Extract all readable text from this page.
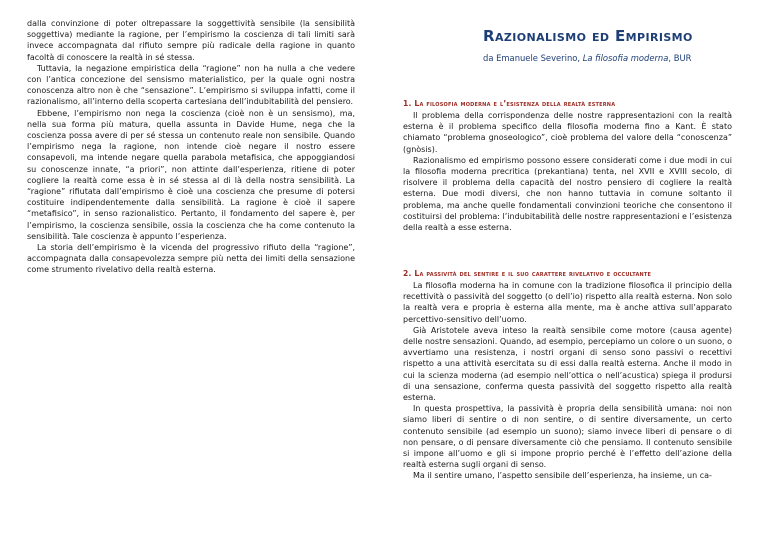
dalla convinzione di poter oltrepassare la soggettività sensibile (la sensibilità soggettiva) mediante la ragione, per l’empirismo la coscienza di tali limiti sarà invece accompagnata dal rifiuto sempre più radicale della ragione in quanto facoltà di conoscere la realtà in sé stessa.

Tuttavia, la negazione empiristica della “ragione” non ha nulla a che vedere con l’antica concezione del sensismo materialistico, per la quale ogni nostra conoscenza altro non è che “sensazione”. L’empirismo si sviluppa infatti, come il razionalismo, all’interno della scoperta cartesiana dell’indubitabilità del pensiero.

Ebbene, l’empirismo non nega la coscienza (cioè non è un sensismo), ma, nella sua forma più matura, quella assunta in Davide Hume, nega che la coscienza possa avere di per sé stessa un contenuto reale non sensibile. Quando l’empirismo nega la ragione, non intende cioè negare il nostro essere consapevoli, ma intende negare quella parabola metafisica, che appoggiandosi su conoscenze innate, “a priori”, non attinte dall’esperienza, ritiene di poter cogliere la realtà come essa è in sé stessa al di là della nostra sensibilità. La “ragione” rifiutata dall’empirismo è cioè una coscienza che presume di potersi costituire indipendentemente dalla sensibilità. La ragione è cioè il sapere “metafisico”, in senso razionalistico. Pertanto, il fondamento del sapere è, per l’empirismo, la coscienza sensibile, ossia la coscienza che ha come contenuto la sensibilità. Tale coscienza è appunto l’esperienza.

La storia dell’empirismo è la vicenda del progressivo rifiuto della “ragione”, accompagnata dalla consapevolezza sempre più netta dei limiti della sensazione come strumento rivelativo della realtà esterna.

Razionalismo ed Empirismo
da Emanuele Severino, La filosofia moderna, BUR
1. La filosofia moderna e l’esistenza della realtà esterna

Il problema della corrispondenza delle nostre rappresentazioni con la realtà esterna è il problema specifico della filosofia moderna fino a Kant. È stato chiamato “problema gnoseologico”, cioè problema del valore della “conoscenza” (gnòsis).

Razionalismo ed empirismo possono essere considerati come i due modi in cui la filosofia moderna precritica (prekantiana) tenta, nel XVII e XVIII secolo, di risolvere il problema della capacità del nostro pensiero di cogliere la realtà esterna. Due modi diversi, che non hanno tuttavia in comune soltanto il problema, ma anche quelle fondamentali convinzioni teoriche che consentono il costituirsi del problema: l’indubitabilità delle nostre rappresentazioni e l’esistenza della realtà a esse esterna.

2. La passività del sentire e il suo carattere rivelativo e occultante

La filosofia moderna ha in comune con la tradizione filosofica il principio della recettività o passività del soggetto (o dell’io) rispetto alla realtà esterna. Non solo la realtà vera e propria è esterna alla mente, ma è anche attiva sull’apparato percettivo-sensitivo dell’uomo.

Già Aristotele aveva inteso la realtà sensibile come motore (causa agente) delle nostre sensazioni. Quando, ad esempio, percepiamo un colore o un suono, o avvertiamo una resistenza, i nostri organi di senso sono passivi o recettivi rispetto a una attività esercitata su di essi dalla realtà esterna. Anche il modo in cui la scienza moderna (ad esempio nell’ottica o nell’acustica) spiega il prodursi di una sensazione, conferma questa passività del soggetto rispetto alla realtà esterna.

In questa prospettiva, la passività è propria della sensibilità umana: noi non siamo liberi di sentire o di non sentire, o di sentire diversamente, un certo contenuto sensibile (ad esempio un suono); siamo invece liberi di pensare o di non pensare, o di pensare diversamente ciò che pensiamo. Il contenuto sensibile si impone all’uomo e gli si impone proprio perché è l’effetto dell’azione della realtà esterna sugli organi di senso.

Ma il sentire umano, l’aspetto sensibile dell’esperienza, ha insieme, un ca-
